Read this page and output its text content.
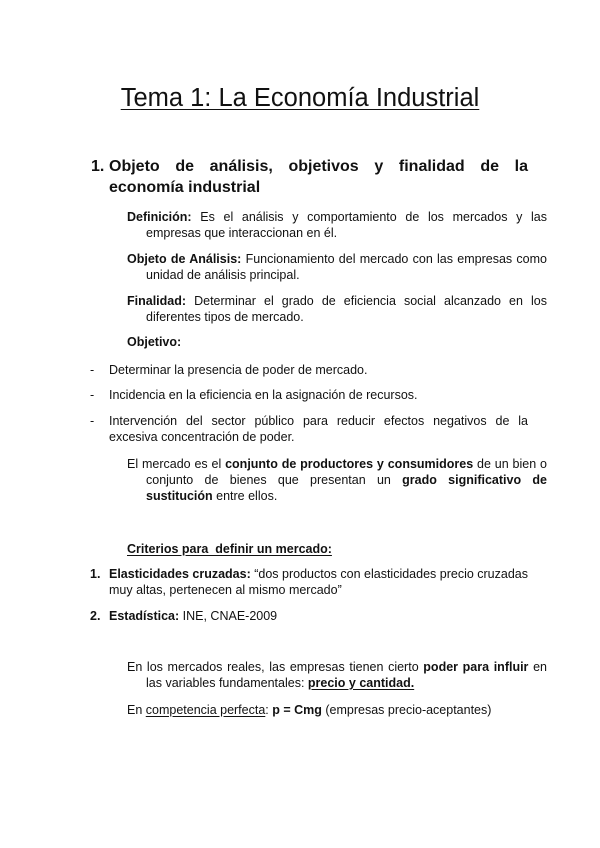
Tema 1: La Economía Industrial
1. Objeto de análisis, objetivos y finalidad de la economía industrial

Definición: Es el análisis y comportamiento de los mercados y las empresas que interaccionan en él.

Objeto de Análisis: Funcionamiento del mercado con las empresas como unidad de análisis principal.

Finalidad: Determinar el grado de eficiencia social alcanzado en los diferentes tipos de mercado.

Objetivo:

- Determinar la presencia de poder de mercado.

- Incidencia en la eficiencia en la asignación de recursos.

- Intervención del sector público para reducir efectos negativos de la excesiva concentración de poder.

El mercado es el conjunto de productores y consumidores de un bien o conjunto de bienes que presentan un grado significativo de sustitución entre ellos.

Criterios para  definir un mercado:

1. Elasticidades cruzadas: “dos productos con elasticidades precio cruzadas muy altas, pertenecen al mismo mercado”

2. Estadística: INE, CNAE-2009

En los mercados reales, las empresas tienen cierto poder para influir en las variables fundamentales: precio y cantidad.

En competencia perfecta: p = Cmg (empresas precio-aceptantes)
